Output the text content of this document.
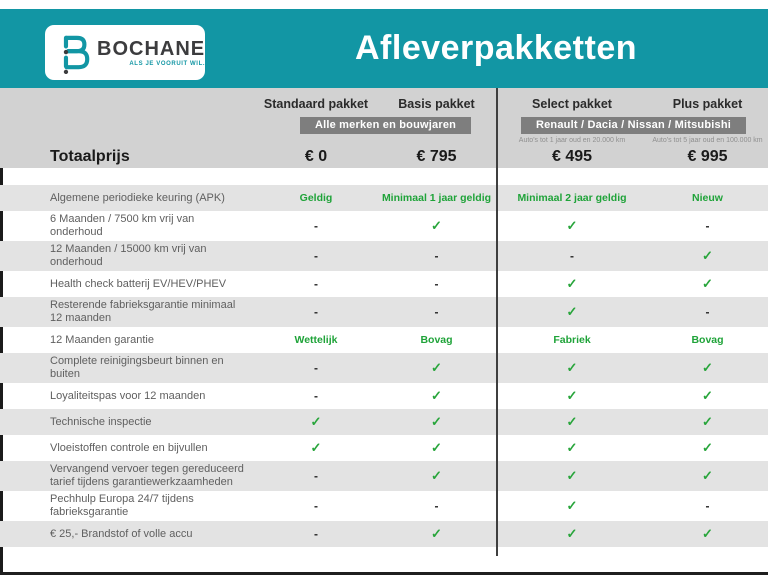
BOCHANE
ALS JE VOORUIT WIL.	Afleverpakketten
Standaard pakket	Basis pakket	Select pakket	Plus pakket
Alle merken en bouwjaren	Renault / Dacia / Nissan / Mitsubishi
Auto's tot 1 jaar oud en 20.000 km	Auto's tot 5 jaar oud en 100.000 km
Totaalprijs	€ 0	€ 795	€ 495	€ 995
Algemene periodieke keuring (APK)	Geldig	Minimaal 1 jaar geldig	Minimaal 2 jaar geldig	Nieuw
6 Maanden / 7500 km vrij van onderhoud	-	✓	✓	-
12 Maanden / 15000 km vrij van onderhoud	-	-	-	✓
Health check batterij EV/HEV/PHEV	-	-	✓	✓
Resterende fabrieksgarantie minimaal 12 maanden	-	-	✓	-
12 Maanden garantie	Wettelijk	Bovag	Fabriek	Bovag
Complete reinigingsbeurt binnen en buiten	-	✓	✓	✓
Loyaliteitspas voor 12 maanden	-	✓	✓	✓
Technische inspectie	✓	✓	✓	✓
Vloeistoffen controle en bijvullen	✓	✓	✓	✓
Vervangend vervoer tegen gereduceerd tarief tijdens garantiewerkzaamheden	-	✓	✓	✓
Pechhulp Europa 24/7 tijdens fabrieksgarantie	-	-	✓	-
€ 25,- Brandstof of volle accu	-	✓	✓	✓
